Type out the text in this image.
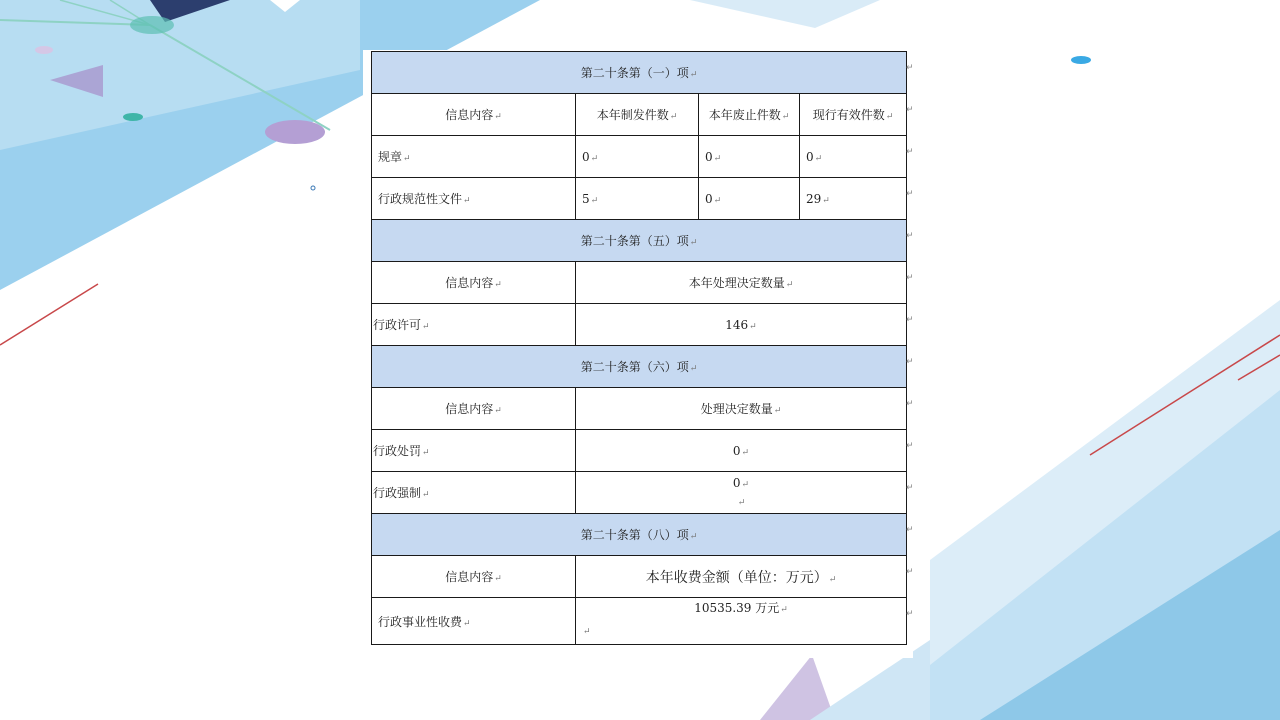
第二十条第（一）项↵			
信息内容↵	本年制发件数↵	本年废止件数↵	现行有效件数↵
规章↵	0↵	0↵	0↵
行政规范性文件↵	5↵	0↵	29↵
第二十条第（五）项↵			
信息内容↵	本年处理决定数量↵		
行政许可↵	146↵		
第二十条第（六）项↵			
信息内容↵	处理决定数量↵		
行政处罚↵	0↵		
行政强制↵	0↵
↵		
第二十条第（八）项↵			
信息内容↵	本年收费金额（单位：万元）↵		
行政事业性收费↵	10535.39 万元↵

↵		
↵
↵
↵
↵
↵
↵
↵
↵
↵
↵
↵
↵
↵
↵
